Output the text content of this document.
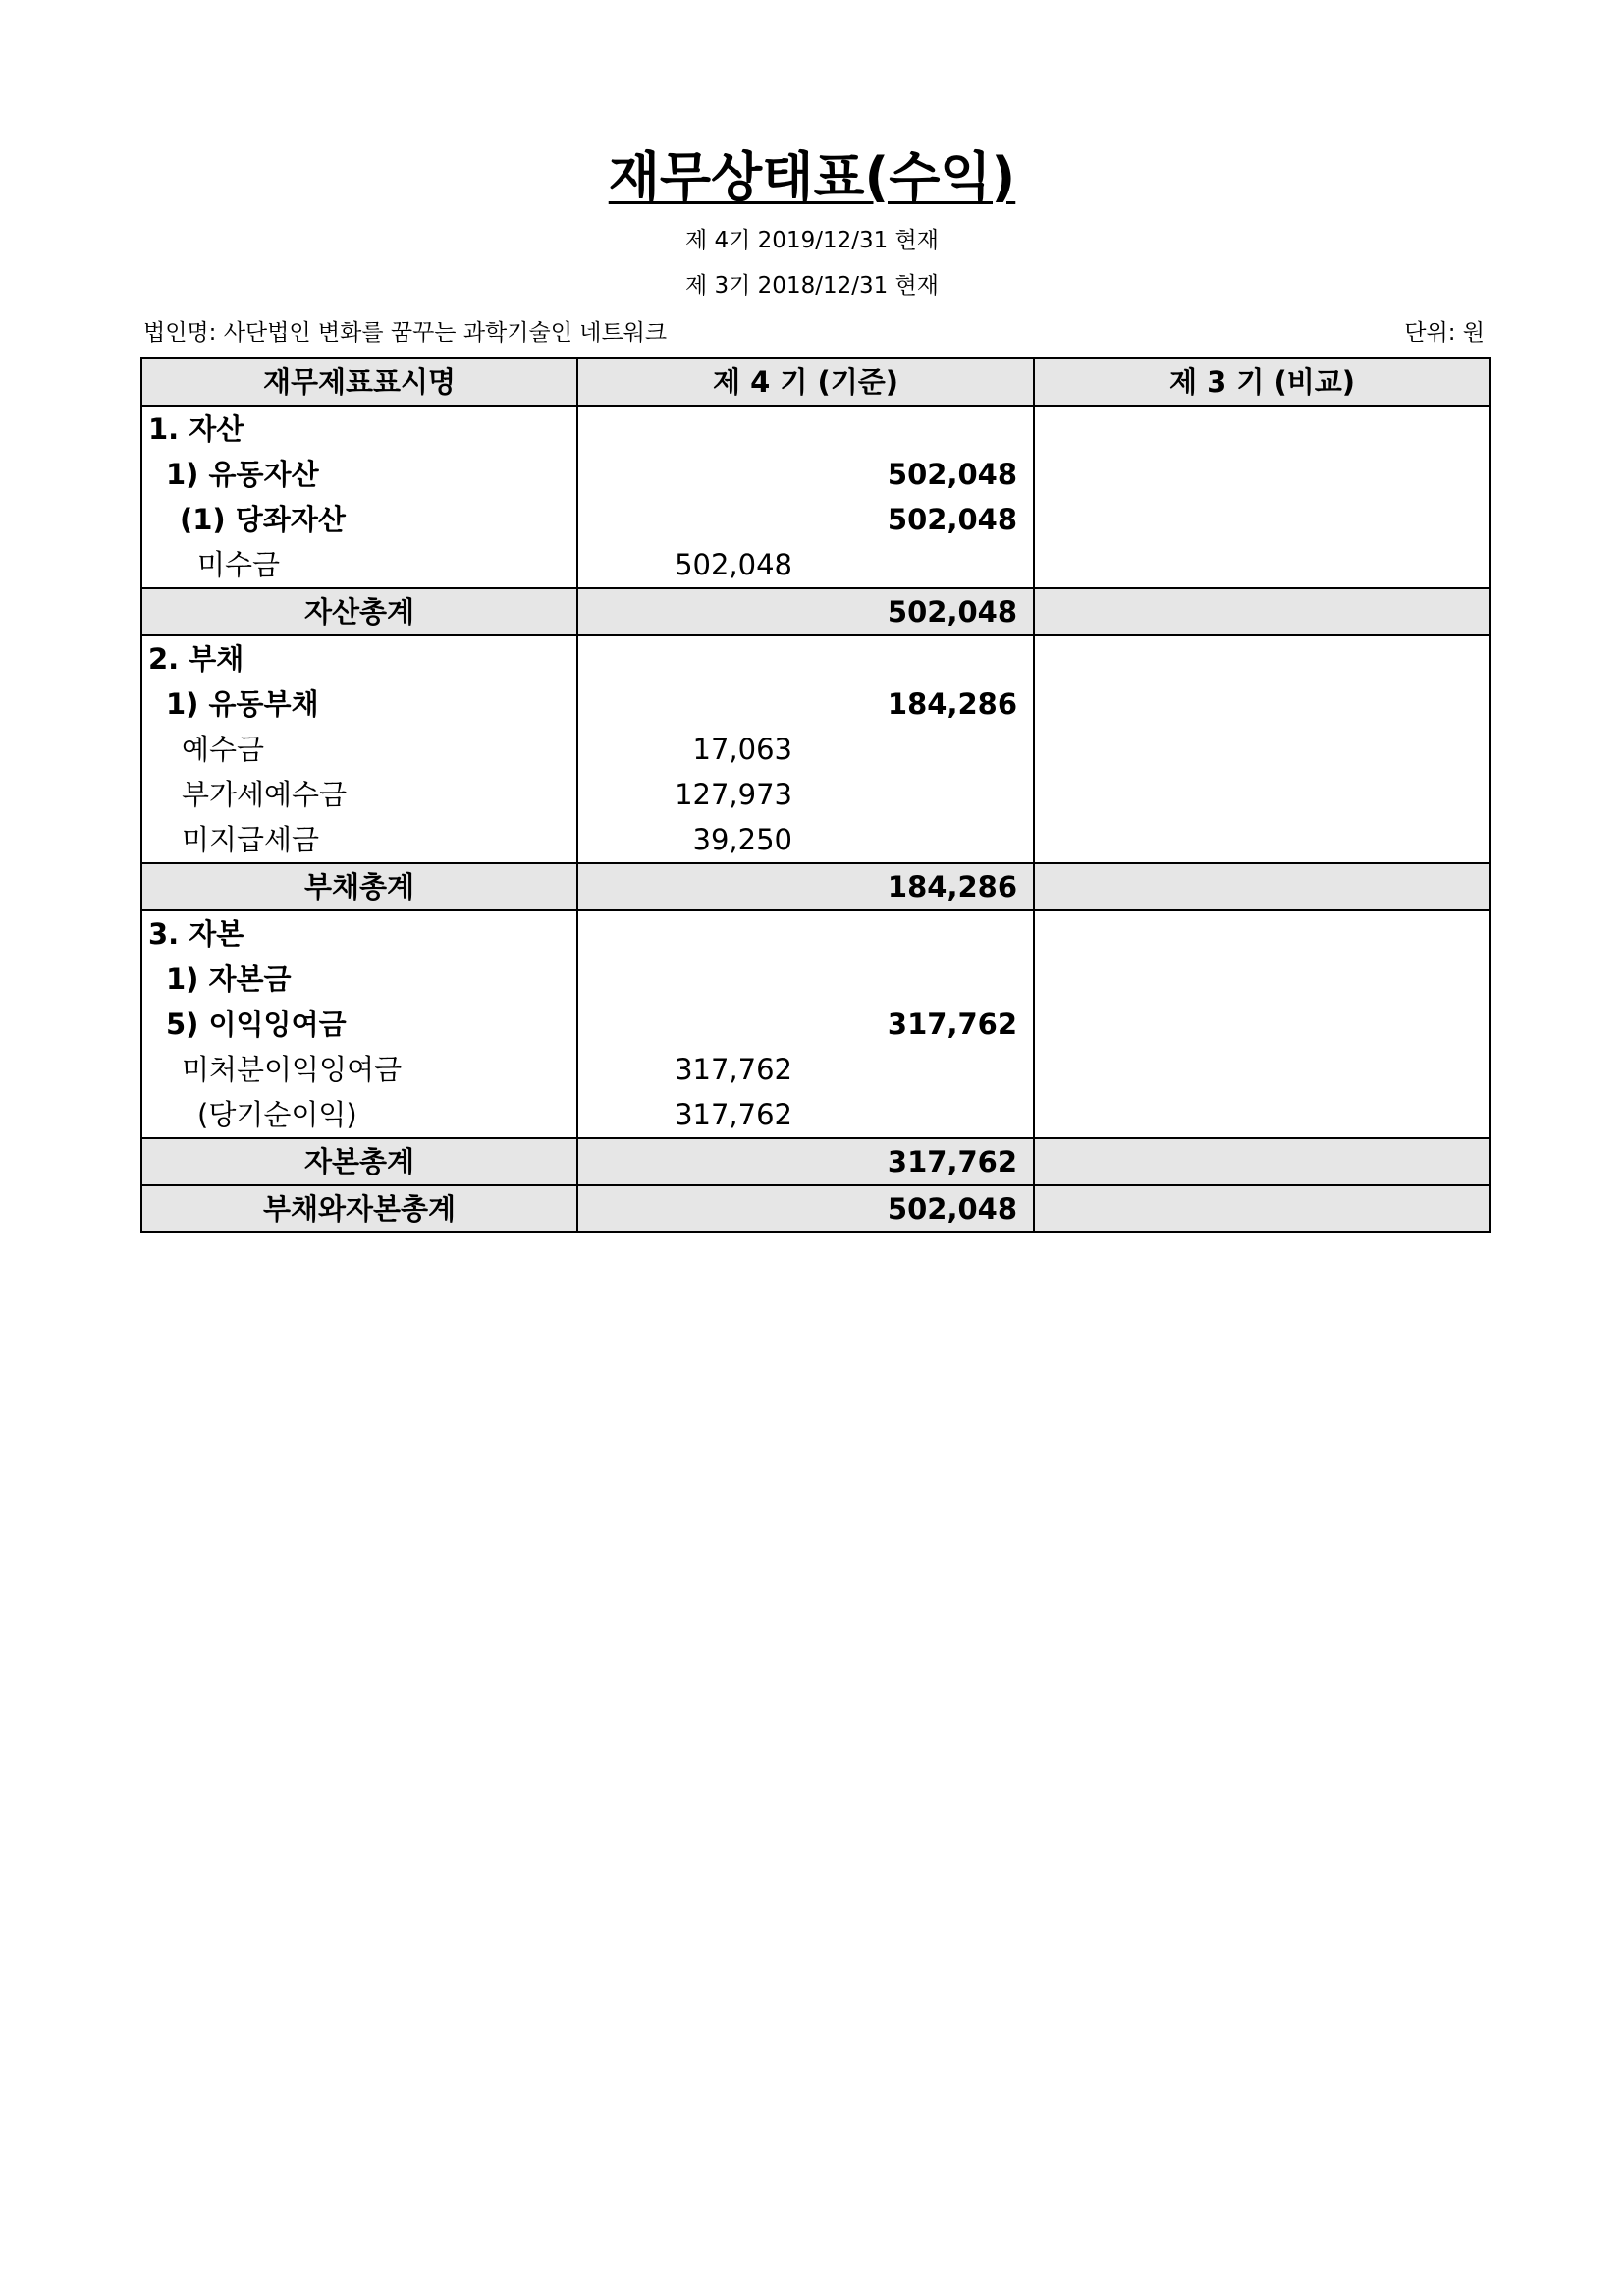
재무상태표(수익)
제 4기 2019/12/31 현재
제 3기 2018/12/31 현재
법인명: 사단법인 변화를 꿈꾸는 과학기술인 네트워크	단위: 원
재무제표표시명	제 4 기 (기준)	제 3 기 (비교)
1. 자산	

1) 유동자산	502,048	

(1) 당좌자산	502,048	

미수금	502,048	

자산총계	502,048	

2. 부채	

1) 유동부채	184,286	

예수금	17,063	

부가세예수금	127,973	

미지급세금	39,250	

부채총계	184,286	

3. 자본	

1) 자본금	

5) 이익잉여금	317,762	

미처분이익잉여금	317,762	

(당기순이익)	317,762	

자본총계	317,762	

부채와자본총계	502,048	
